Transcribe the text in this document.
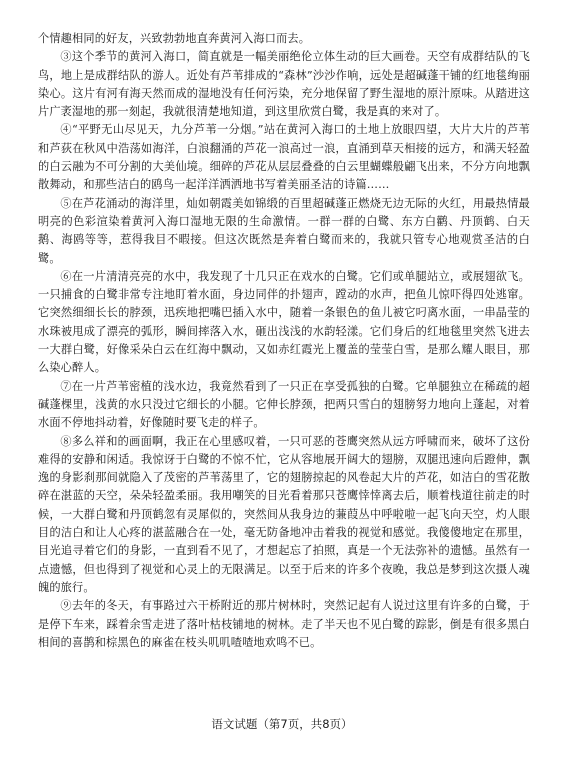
个情趣相同的好友，兴致勃勃地直奔黄河入海口而去。

③这个季节的黄河入海口，简直就是一幅美丽绝伦立体生动的巨大画卷。天空有成群结队的飞鸟，地上是成群结队的游人。近处有芦苇排成的“森林”沙沙作响，远处是超碱蓬干铺的红地毯绚丽染心。这片有河有海天然而成的湿地没有任何污染，充分地保留了野生湿地的原汁原味。从踏进这片广袤湿地的那一刻起，我就很清楚地知道，到这里欣赏白鹭，我是真的来对了。

④“平野无山尽见天，九分芦苇一分烟。”站在黄河入海口的土地上放眼四望，大片大片的芦苇和芦荻在秋风中浩荡如海洋，白浪翻涌的芦花一浪高过一浪，直涌到草天相接的远方，和满天轻盈的白云融为不可分割的大美仙境。细碎的芦花从层层叠叠的白云里蝴蝶般翩飞出来，不分方向地飘散舞动，和那些洁白的鸥鸟一起洋洋洒洒地书写着美丽圣洁的诗篇……

⑤在芦花涌动的海洋里，灿如朝霞美如锦缎的百里超碱蓬正燃烧无边无际的火红，用最热情最明亮的色彩渲染着黄河入海口湿地无限的生命激情。一群一群的白鹭、东方白鹳、丹顶鹤、白天鹅、海鸥等等，惹得我目不暇接。但这次既然是奔着白鹭而来的，我就只管专心地观赏圣洁的白鹭。

⑥在一片清清亮亮的水中，我发现了十几只正在戏水的白鹭。它们或单腿站立，或展翅欲飞。一只捕食的白鹭非常专注地盯着水面，身边同伴的扑翅声，蹚动的水声，把鱼儿惊吓得四处逃窜。它突然细细长长的脖颈，迅疾地把嘴巴插入水中，随着一条银色的鱼儿被它叼离水面，一串晶莹的水珠被甩成了漂亮的弧形，瞬间摔落入水，砸出浅浅的水韵轻漾。它们身后的红地毯里突然飞进去一大群白鹭，好像采朵白云在红海中飘动，又如赤红霞光上覆盖的莹莹白雪，是那么耀人眼目，那么染心醉人。

⑦在一片芦苇密植的浅水边，我竟然看到了一只正在享受孤独的白鹭。它单腿独立在稀疏的超碱蓬棵里，浅黄的水只没过它细长的小腿。它伸长脖颈，把两只雪白的翅膀努力地向上蓬起，对着水面不停地抖动着，好像随时要飞走的样子。

⑧多么祥和的画面啊，我正在心里感叹着，一只可恶的苍鹰突然从远方呼啸而来，破坏了这份难得的安静和闲适。我惊讶于白鹭的不惊不忙，它从容地展开阔大的翅膀，双腿迅速向后蹬伸，飘逸的身影刹那间就隐入了茂密的芦苇荡里了，它的翅膀掠起的风卷起大片的芦花，如洁白的雪花散碎在湛蓝的天空，朵朵轻盈柔丽。我用嘲笑的目光看着那只苍鹰悻悻离去后，顺着栈道往前走的时候，一大群白鹭和丹顶鹤忽有灵犀似的，突然间从我身边的蒹葭丛中呼啦啦一起飞向天空，灼人眼目的洁白和让人心疼的湛蓝融合在一处，毫无防备地冲击着我的视觉和感觉。我傻傻地定在那里，目光追寻着它们的身影，一直到看不见了，才想起忘了拍照，真是一个无法弥补的遗憾。虽然有一点遗憾，但也得到了视觉和心灵上的无限满足。以至于后来的许多个夜晚，我总是梦到这次摄人魂魄的旅行。

⑨去年的冬天，有事路过六干桥附近的那片树林时，突然记起有人说过这里有许多的白鹭，于是停下车来，踩着余雪走进了落叶枯枝铺地的树林。走了半天也不见白鹭的踪影，倒是有很多黑白相间的喜鹊和棕黑色的麻雀在枝头叽叽喳喳地欢鸣不已。

语文试题（第7页，共8页）
